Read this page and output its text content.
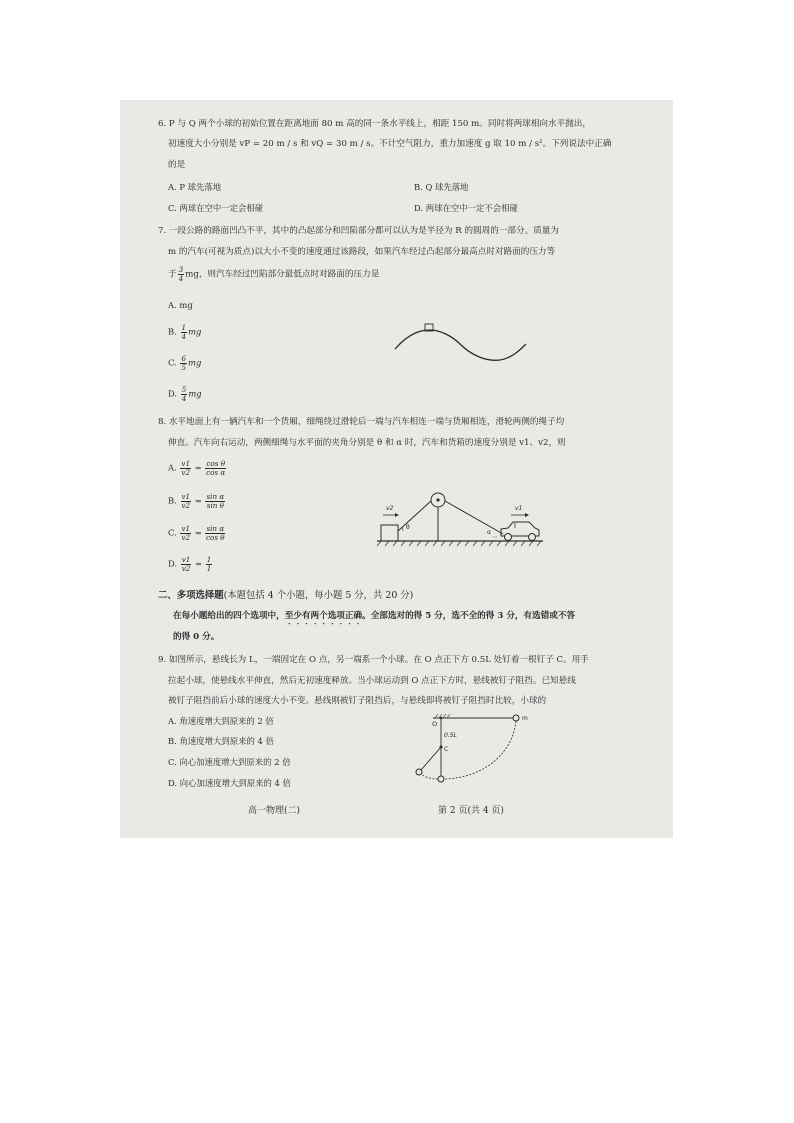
6. P 与 Q 两个小球的初始位置在距离地面 80 m 高的同一条水平线上，相距 150 m。同时将两球相向水平抛出，
初速度大小分别是 vP = 20 m / s 和 vQ = 30 m / s。不计空气阻力，重力加速度 g 取 10 m / s²。下列说法中正确
的是
A. P 球先落地	B. Q 球先落地
C. 两球在空中一定会相碰	D. 两球在空中一定不会相碰
7. 一段公路的路面凹凸不平，其中的凸起部分和凹陷部分都可以认为是半径为 R 的圆周的一部分。质量为
m 的汽车(可视为质点)以大小不变的速度通过该路段，如果汽车经过凸起部分最高点时对路面的压力等
于 $\frac{3}{4}$ mg，则汽车经过凹陷部分最低点时对路面的压力是
A. mg
B. $\frac{1}{4}$ mg
C. $\frac{6}{5}$ mg
D. $\frac{5}{4}$ mg
8. 水平地面上有一辆汽车和一个货厢，细绳绕过滑轮后一端与汽车相连一端与货厢相连，滑轮两侧的绳子均
伸直。汽车向右运动，两侧细绳与水平面的夹角分别是 θ 和 α 时，汽车和货箱的速度分别是 v1、v2，则
A. $\frac{v1}{v2} = \frac{\text{cos θ}}{\text{cos α}}$
B. $\frac{v1}{v2} = \frac{\text{sin α}}{\text{sin θ}}$
C. $\frac{v1}{v2} = \frac{\text{sin α}}{\text{cos θ}}$
D. $\frac{v1}{v2} = \frac{1}{1}$
θ
α
v2	v1
二、多项选择题(本题包括 4 个小题，每小题 5 分，共 20 分)
在每小题给出的四个选项中，至少有两个选项正确。全部选对的得 5 分，选不全的得 3 分，有选错或不答
的得 0 分。
9. 如图所示，悬线长为 L，一端固定在 O 点，另一端系一个小球。在 O 点正下方 0.5L 处钉着一根钉子 C。用手
拉起小球，使悬线水平伸直，然后无初速度释放。当小球运动到 O 点正下方时，悬线被钉子阻挡。已知悬线
被钉子阻挡前后小球的速度大小不变。悬线刚被钉子阻挡后，与悬线即将被钉子阻挡时比较，小球的
A. 角速度增大到原来的 2 倍
B. 角速度增大到原来的 4 倍
C. 向心加速度增大到原来的 2 倍
D. 向心加速度增大到原来的 4 倍
O
m
C
0.5L
高一物理(二)	第 2 页(共 4 页)
